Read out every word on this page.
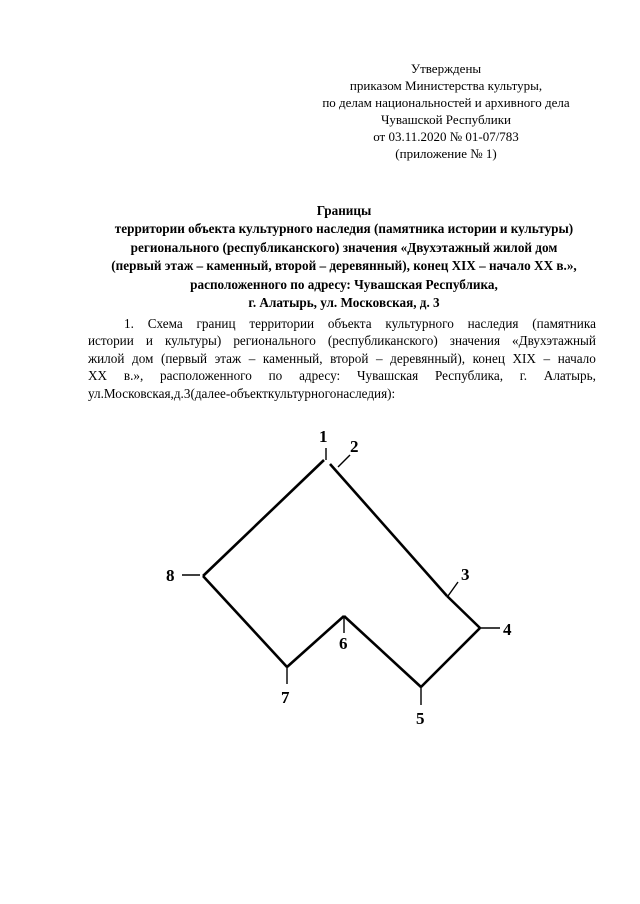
Утверждены
приказом Министерства культуры,
по делам национальностей и архивного дела
Чувашской Республики
от 03.11.2020 № 01-07/783
(приложение № 1)
Границы
территории объекта культурного наследия (памятника истории и культуры)
регионального (республиканского) значения «Двухэтажный жилой дом
(первый этаж – каменный, второй – деревянный), конец XIX – начало XX в.»,
расположенного по адресу: Чувашская Республика,
г. Алатырь, ул. Московская, д. 3
1. Схема границ территории объекта культурного наследия (памятника
истории и культуры) регионального (республиканского) значения «Двухэтажный
жилой дом (первый этаж – каменный, второй – деревянный), конец XIX – начало
XX в.», расположенного по адресу: Чувашская Республика, г. Алатырь,
ул. Московская, д. 3 (далее - объект культурного наследия):
1
2
3
4
5
6
7
8
